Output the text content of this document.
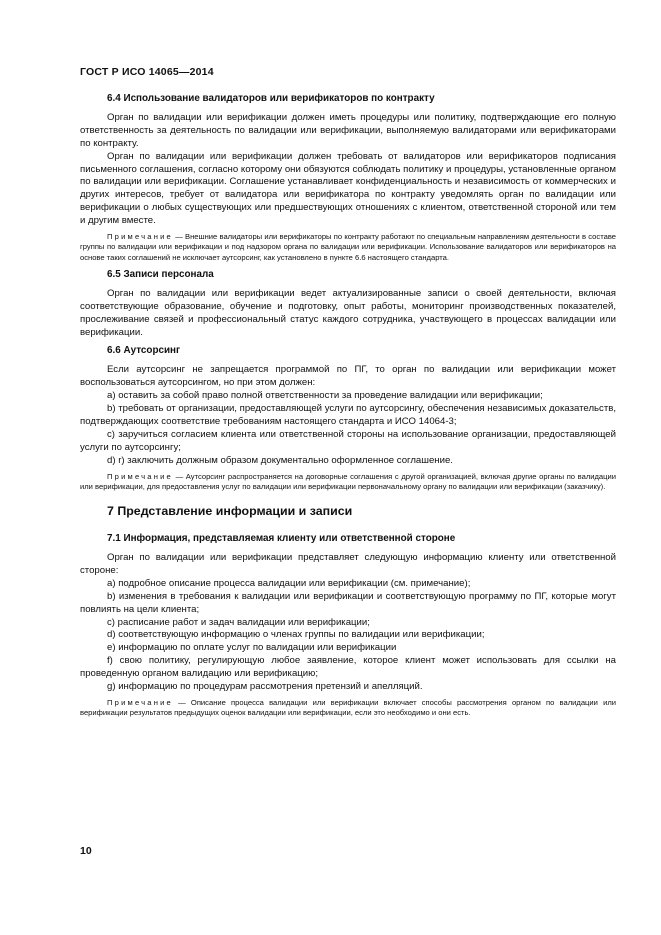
ГОСТ Р ИСО 14065—2014
6.4 Использование валидаторов или верификаторов по контракту

Орган по валидации или верификации должен иметь процедуры или политику, подтверждающие его полную ответственность за деятельность по валидации или верификации, выполняемую валидаторами или верификаторами по контракту.

Орган по валидации или верификации должен требовать от валидаторов или верификаторов подписания письменного соглашения, согласно которому они обязуются соблюдать политику и процедуры, установленные органом по валидации или верификации. Соглашение устанавливает конфиденциальность и независимость от коммерческих и других интересов, требует от валидатора или верификатора по контракту уведомлять орган по валидации или верификации о любых существующих или предшествующих отношениях с клиентом, ответственной стороной или тем и другим вместе.

Примечание — Внешние валидаторы или верификаторы по контракту работают по специальным направлениям деятельности в составе группы по валидации или верификации и под надзором органа по валидации или верификации. Использование валидаторов или верификаторов на основе таких соглашений не исключает аутсорсинг, как установлено в пункте 6.6 настоящего стандарта.

6.5 Записи персонала

Орган по валидации или верификации ведет актуализированные записи о своей деятельности, включая соответствующие образование, обучение и подготовку, опыт работы, мониторинг производственных показателей, прослеживание связей и профессиональный статус каждого сотрудника, участвующего в процессах валидации или верификации.

6.6 Аутсорсинг

Если аутсорсинг не запрещается программой по ПГ, то орган по валидации или верификации может воспользоваться аутсорсингом, но при этом должен:

a) оставить за собой право полной ответственности за проведение валидации или верификации;

b) требовать от организации, предоставляющей услуги по аутсорсингу, обеспечения независимых доказательств, подтверждающих соответствие требованиям настоящего стандарта и ИСО 14064-3;

c) заручиться согласием клиента или ответственной стороны на использование организации, предоставляющей услуги по аутсорсингу;

d) r) заключить должным образом документально оформленное соглашение.

Примечание — Аутсорсинг распространяется на договорные соглашения с другой организацией, включая другие органы по валидации или верификации, для предоставления услуг по валидации или верификации первоначальному органу по валидации или верификации (заказчику).

7 Представление информации и записи
7.1 Информация, представляемая клиенту или ответственной стороне

Орган по валидации или верификации представляет следующую информацию клиенту или ответственной стороне:

a) подробное описание процесса валидации или верификации (см. примечание);

b) изменения в требования к валидации или верификации и соответствующую программу по ПГ, которые могут повлиять на цели клиента;

c) расписание работ и задач валидации или верификации;

d) соответствующую информацию о членах группы по валидации или верификации;

e) информацию по оплате услуг по валидации или верификации

f) свою политику, регулирующую любое заявление, которое клиент может использовать для ссылки на проведенную органом валидацию или верификацию;

g) информацию по процедурам рассмотрения претензий и апелляций.

Примечание — Описание процесса валидации или верификации включает способы рассмотрения органом по валидации или верификации результатов предыдущих оценок валидации или верификации, если это необходимо и они есть.

10
